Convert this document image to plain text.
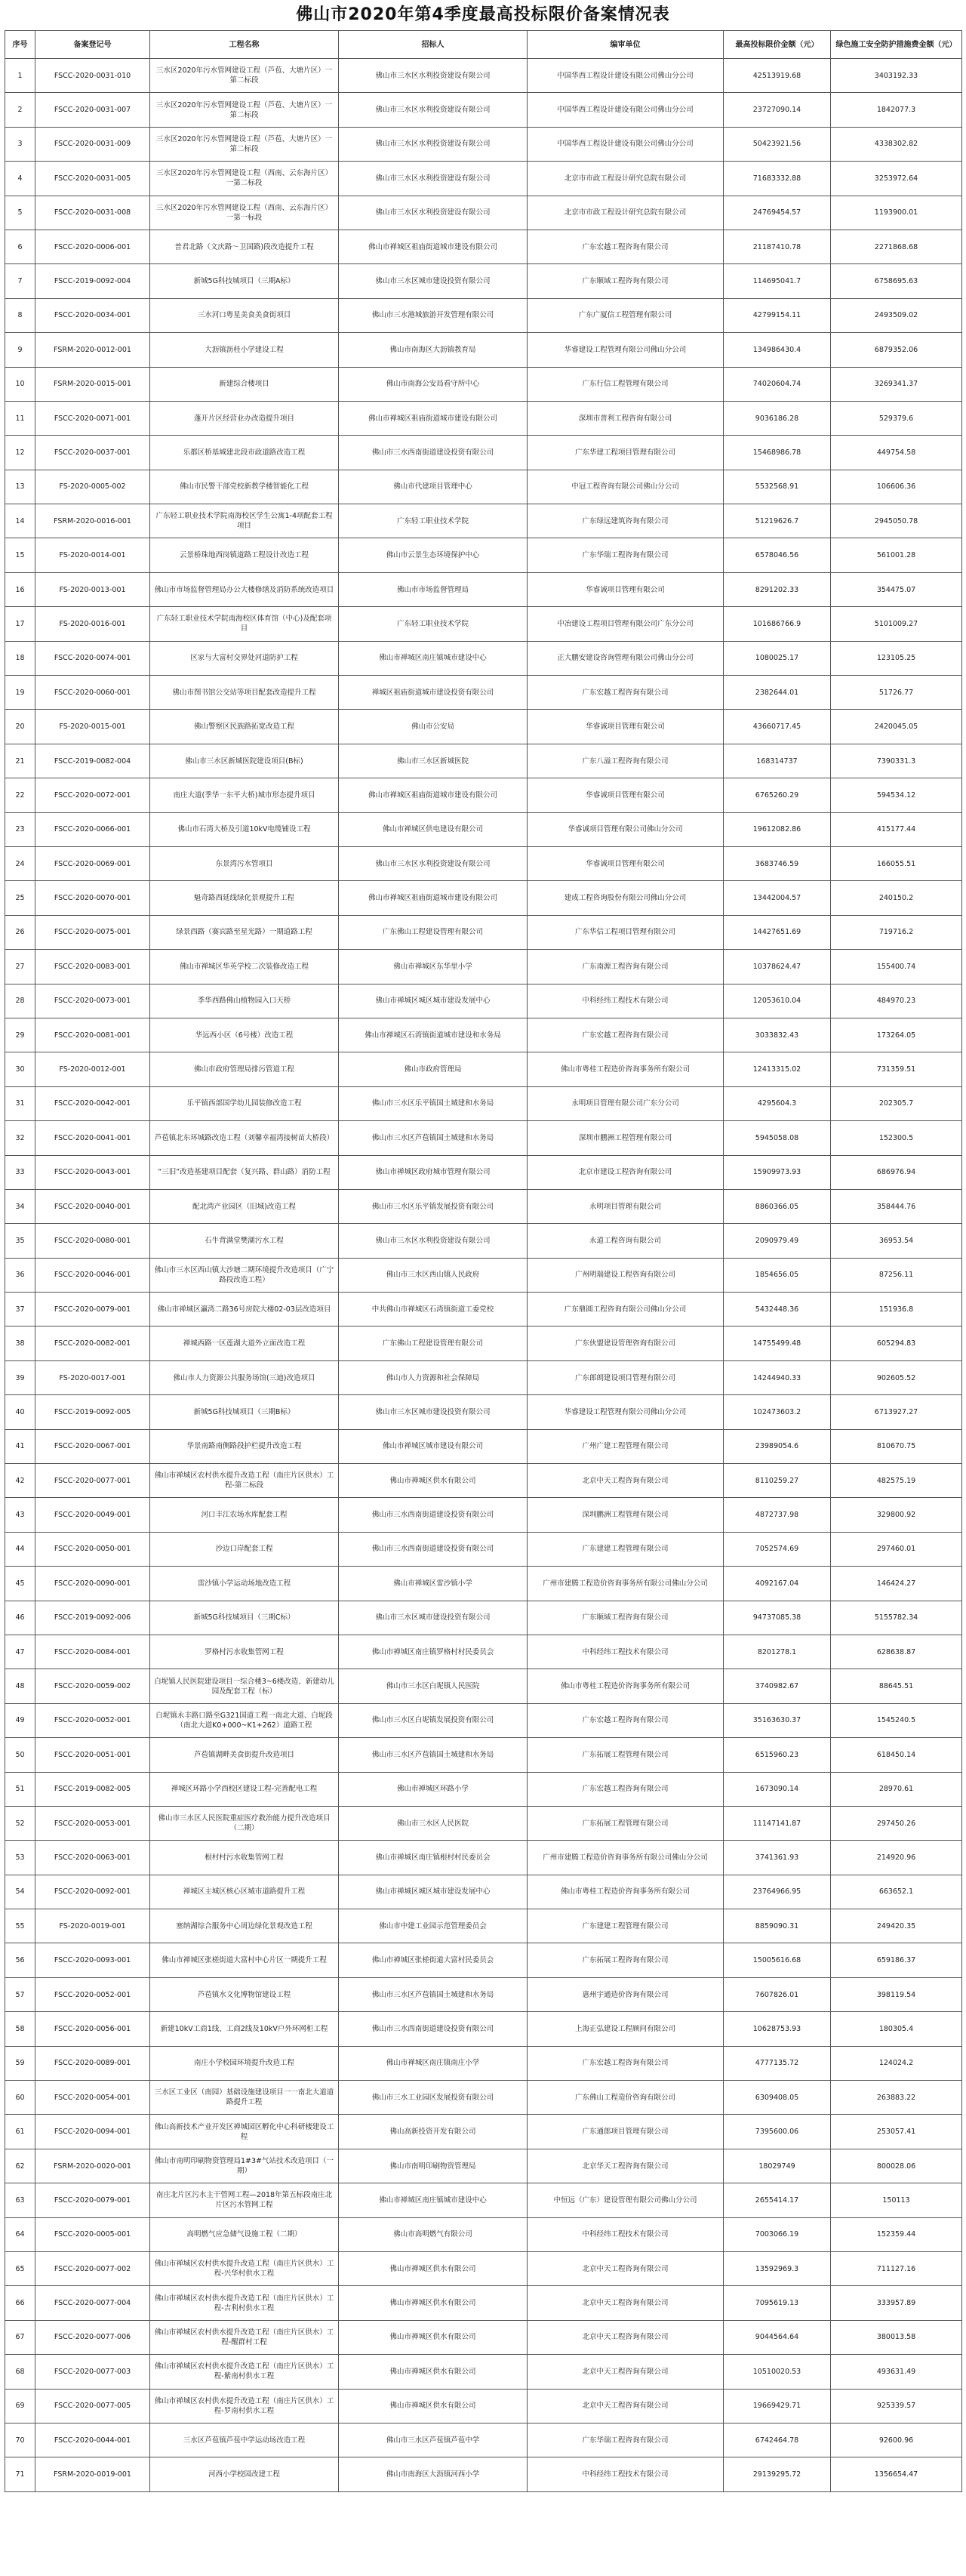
佛山市2020年第4季度最高投标限价备案情况表
序号	备案登记号	工程名称	招标人	编审单位	最高投标限价金额（元）	绿色施工安全防护措施费金额（元）
1	FSCC-2020-0031-010	三水区2020年污水管网建设工程（芦苞、大塘片区）一第二标段	佛山市三水区水利投资建设有限公司	中国华西工程设计建设有限公司佛山分公司	42513919.68	3403192.33
2	FSCC-2020-0031-007	三水区2020年污水管网建设工程（芦苞、大塘片区）一第二标段	佛山市三水区水利投资建设有限公司	中国华西工程设计建设有限公司佛山分公司	23727090.14	1842077.3
3	FSCC-2020-0031-009	三水区2020年污水管网建设工程（芦苞、大塘片区）一第二标段	佛山市三水区水利投资建设有限公司	中国华西工程设计建设有限公司佛山分公司	50423921.56	4338302.82
4	FSCC-2020-0031-005	三水区2020年污水管网建设工程（西南、云东海片区）一第二标段	佛山市三水区水利投资建设有限公司	北京市市政工程设计研究总院有限公司	71683332.88	3253972.64
5	FSCC-2020-0031-008	三水区2020年污水管网建设工程（西南、云东海片区）一第一标段	佛山市三水区水利投资建设有限公司	北京市市政工程设计研究总院有限公司	24769454.57	1193900.01
6	FSCC-2020-0006-001	普君北路（文庆路～卫国路)段改造提升工程	佛山市禅城区祖庙街道城市建设有限公司	广东宏越工程咨询有限公司	21187410.78	2271868.68
7	FSCC-2019-0092-004	新城5G科技城项目（三期A标）	佛山市三水区城市建设投资有限公司	广东顺域工程咨询有限公司	114695041.7	6758695.63
8	FSCC-2020-0034-001	三水河口粤星美食美食街项目	佛山市三水港城旅游开发管理有限公司	广东广厦信工程管理有限公司	42799154.11	2493509.02
9	FSRM-2020-0012-001	大沥镇沥桂小学建设工程	佛山市南海区大沥镇教育局	华睿建设工程管理有限公司佛山分公司	134986430.4	6879352.06
10	FSRM-2020-0015-001	新建综合楼项目	佛山市南海公安局看守所中心	广东行信工程管理有限公司	74020604.74	3269341.37
11	FSCC-2020-0071-001	蓬开片区经营业办改造提升项目	佛山市禅城区祖庙街道城市建设有限公司	深圳市普利工程咨询有限公司	9036186.28	529379.6
12	FSCC-2020-0037-001	乐都区桥基城建北段市政道路改造工程	佛山市三水西南街道建设投资有限公司	广东华建工程项目管理有限公司	15468986.78	449754.58
13	FS-2020-0005-002	佛山市民警干部党校新教学楼智能化工程	佛山市代建项目管理中心	中冠工程咨询有限公司佛山分公司	5532568.91	106606.36
14	FSRM-2020-0016-001	广东轻工职业技术学院南海校区学生公寓1-4项配套工程项目	广东轻工职业技术学院	广东绿远建筑咨询有限公司	51219626.7	2945050.78
15	FS-2020-0014-001	云景桥珠地西岗镇道路工程设计改造工程	佛山市云景生态环境保护中心	广东华瑞工程咨询有限公司	6578046.56	561001.28
16	FS-2020-0013-001	佛山市市场监督管理局办公大楼修缮及消防系统改造项目	佛山市市场监督管理局	华睿诚项目管理有限公司	8291202.33	354475.07
17	FS-2020-0016-001	广东轻工职业技术学院南海校区体育馆（中心)及配套项目	广东轻工职业技术学院	中冶建设工程项目管理有限公司广东分公司	101686766.9	5101009.27
18	FSCC-2020-0074-001	区家与大富村交界处河道防护工程	佛山市禅城区南庄镇城市建设中心	正大鹏安建设咨询管理有限公司佛山分公司	1080025.17	123105.25
19	FSCC-2020-0060-001	佛山市图书馆公交站等项目配套改造提升工程	禅城区祖庙街道城市建设投资有限公司	广东宏越工程咨询有限公司	2382644.01	51726.77
20	FS-2020-0015-001	佛山警察区民族路拓宽改造工程	佛山市公安局	华睿诚项目管理有限公司	43660717.45	2420045.05
21	FSCC-2019-0082-004	佛山市三水区新城医院建设项目(B标)	佛山市三水区新城医院	广东八溢工程咨询有限公司	168314737	7390331.3
22	FSCC-2020-0072-001	南庄大道(季华一东平大桥)城市形态提升项目	佛山市禅城区祖庙街道城市建设有限公司	华睿诚项目管理有限公司	6765260.29	594534.12
23	FSCC-2020-0066-001	佛山市石湾大桥及引道10kV电缆铺设工程	佛山市禅城区供电建设有限公司	华睿诚项目管理有限公司佛山分公司	19612082.86	415177.44
24	FSCC-2020-0069-001	东景湾污水管项目	佛山市三水区水利投资建设有限公司	华睿诚项目管理有限公司	3683746.59	166055.51
25	FSCC-2020-0070-001	魁奇路西延线绿化景观提升工程	佛山市禅城区祖庙街道城市建设有限公司	建成工程咨询股份有限公司佛山分公司	13442004.57	240150.2
26	FSCC-2020-0075-001	绿景西路（赛宾路至星光路）一期道路工程	广东佛山工程建设管理有限公司	广东华信工程项目管理有限公司	14427651.69	719716.2
27	FSCC-2020-0083-001	佛山市禅城区华英学校二次装修改造工程	佛山市禅城区东华里小学	广东南源工程咨询有限公司	10378624.47	155400.74
28	FSCC-2020-0073-001	季华西路佛山植物园入口天桥	佛山市禅城区城区城市建设发展中心	中科经纬工程技术有限公司	12053610.04	484970.23
29	FSCC-2020-0081-001	华远西小区（6号楼）改造工程	佛山市禅城区石湾镇街道城市建设和水务局	广东宏越工程咨询有限公司	3033832.43	173264.05
30	FS-2020-0012-001	佛山市政府管理局排污管道工程	佛山市政府管理局	佛山市粤桂工程造价咨询事务所有限公司	12413315.02	731359.51
31	FSCC-2020-0042-001	乐平镇西部国学幼儿园装修改造工程	佛山市三水区乐平镇国土城建和水务局	永明项目管理有限公司广东分公司	4295604.3	202305.7
32	FSCC-2020-0041-001	芦苞镇北东环城路改造工程（刘馨幸福湾接树苗大桥段）	佛山市三水区芦苞镇国土城建和水务局	深圳市鹏洲工程管理有限公司	5945058.08	152300.5
33	FSCC-2020-0043-001	“三旧”改造基建项目配套（复兴路、群山路）消防工程	佛山市禅城区政府城市管理有限公司	北京市建设工程咨询有限公司	15909973.93	686976.94
34	FSCC-2020-0040-001	配北湾产业园区（旧城)改造工程	佛山市三水区乐平镇发展投资有限公司	永明项目管理有限公司	8860366.05	358444.76
35	FSCC-2020-0080-001	石牛背满堂樊湖污水工程	佛山市三水区水利投资建设有限公司	永道工程咨询有限公司	2090979.49	36953.54
36	FSCC-2020-0046-001	佛山市三水区西山镇大沙塘二期环境提升改造项目（广宁路段改造工程）	佛山市三水区西山镇人民政府	广州明瑞建设工程咨询有限公司	1854656.05	87256.11
37	FSCC-2020-0079-001	佛山市禅城区瀛湾二路36号房院大楼02-03层改造项目	中共佛山市禅城区石湾镇街道工委党校	广东鼎圆工程咨询有限公司佛山分公司	5432448.36	151936.8
38	FSCC-2020-0082-001	禅城西路一区莲湖大道外立面改造工程	广东佛山工程建设管理有限公司	广东伙盟建设管理咨询有限公司	14755499.48	605294.83
39	FS-2020-0017-001	佛山市人力资源公共服务场馆(三迪)改造项目	佛山市人力资源和社会保障局	广东郎朗建设项目管理有限公司	14244940.33	902605.52
40	FSCC-2019-0092-005	新城5G科技城项目（三期B标）	佛山市三水区城市建设投资有限公司	华睿建设工程管理有限公司佛山分公司	102473603.2	6713927.27
41	FSCC-2020-0067-001	华景南路南侧路段护栏提升改造工程	佛山市禅城区城市建设有限公司	广州广建工程管理有限公司	23989054.6	810670.75
42	FSCC-2020-0077-001	佛山市禅城区农村供水提升改造工程（南庄片区供水）工程-第二标段	佛山市禅城区供水有限公司	北京中天工程咨询有限公司	8110259.27	482575.19
43	FSCC-2020-0049-001	河口丰江农场水库配套工程	佛山市三水西南街道建设投资有限公司	深圳鹏洲工程管理有限公司	4872737.98	329800.92
44	FSCC-2020-0050-001	沙边口岸配套工程	佛山市三水西南街道建设投资有限公司	广东建建工程管理有限公司	7052574.69	297460.01
45	FSCC-2020-0090-001	雷沙镇小学运动场地改造工程	佛山市禅城区雷沙镇小学	广州市建腾工程造价咨询事务所有限公司佛山分公司	4092167.04	146424.27
46	FSCC-2019-0092-006	新城5G科技城项目（三期C标）	佛山市三水区城市建设投资有限公司	广东顺域工程咨询有限公司	94737085.38	5155782.34
47	FSCC-2020-0084-001	罗格村污水收集管网工程	佛山市禅城区南庄镇罗格村村民委员会	中科经纬工程技术有限公司	8201278.1	628638.87
48	FSCC-2020-0059-002	白坭镇人民医院建设项目一综合楼3~6楼改造、新建幼儿园及配套工程（标）	佛山市三水区白坭镇人民医院	佛山市粤桂工程造价咨询事务所有限公司	3740982.67	88645.51
49	FSCC-2020-0052-001	白坭镇永丰路口路至G321国道工程一南北大道、白坭段（南北大道K0+000~K1+262）道路工程	佛山市三水区白坭镇发展投资有限公司	广东宏越工程咨询有限公司	35163630.37	1545240.5
50	FSCC-2020-0051-001	芦苞镇湖畔美食街提升改造项目	佛山市三水区芦苞镇国土城建和水务局	广东拓展工程管理有限公司	6515960.23	618450.14
51	FSCC-2019-0082-005	禅城区环路小学西校区建设工程-完善配电工程	佛山市禅城区环路小学	广东宏越工程咨询有限公司	1673090.14	28970.61
52	FSCC-2020-0053-001	佛山市三水区人民医院重症医疗救治能力提升改造项目（二期）	佛山市三水区人民医院	广东拓展工程管理有限公司	11147141.87	297450.26
53	FSCC-2020-0063-001	根村村污水收集管网工程	佛山市禅城区南庄镇根村村民委员会	广州市建腾工程造价咨询事务所有限公司佛山分公司	3741361.93	214920.96
54	FSCC-2020-0092-001	禅城区主城区核心区城市道路提升工程	佛山市禅城区城区城市建设发展中心	佛山市粤桂工程造价咨询事务所有限公司	23764966.95	663652.1
55	FS-2020-0019-001	塞纳湖综合服务中心周边绿化景观改造工程	佛山市中建工业园示范管理委员会	广东建建工程管理有限公司	8859090.31	249420.35
56	FSCC-2020-0093-001	佛山市禅城区张槎街道大富村中心片区一期提升工程	佛山市禅城区张槎街道大富村民委员会	广东拓展工程咨询有限公司	15005616.68	659186.37
57	FSCC-2020-0052-001	芦苞镇水文化博物馆建设工程	佛山市三水区芦苞镇国土城建和水务局	惠州宇通造价咨询有限公司	7607826.01	398119.54
58	FSCC-2020-0056-001	新建10kV工商1线、工商2线及10kV户外环网柜工程	佛山市三水西南街道建设投资有限公司	上海正弘建设工程顾问有限公司	10628753.93	180305.4
59	FSCC-2020-0089-001	南庄小学校园环境提升改造工程	佛山市禅城区南庄镇南庄小学	广东宏越工程咨询有限公司	4777135.72	124024.2
60	FSCC-2020-0054-001	三水区工业区（南园）基础设施建设项目一一南北大道道路提升工程	佛山市三水工业园区发展投资有限公司	广东佛山工程造价咨询有限公司	6309408.05	263883.22
61	FSCC-2020-0094-001	佛山高新技术产业开发区禅城园区孵化中心科研楼建设工程	佛山高新投资开发有限公司	广东通郎项目管理有限公司	7395600.06	253057.41
62	FSRM-2020-0020-001	佛山市南明印刷物资管理局1#3#气站技术改造项目（一期）	佛山市南明印刷物资管理局	北京华天工程咨询有限公司	18029749	800028.06
63	FSCC-2020-0079-001	南庄北片区污水主干管网工程—2018年第五标段南庄北片区污水管网工程	佛山市禅城区南庄镇城市建设中心	中恒远（广东）建设管理有限公司佛山分公司	2655414.17	150113
64	FSCC-2020-0005-001	高明燃气应急储气设施工程（二期）	佛山市高明燃气有限公司	中科经纬工程技术有限公司	7003066.19	152359.44
65	FSCC-2020-0077-002	佛山市禅城区农村供水提升改造工程（南庄片区供水）工程-兴华村供水工程	佛山市禅城区供水有限公司	北京中天工程咨询有限公司	13592969.3	711127.16
66	FSCC-2020-0077-004	佛山市禅城区农村供水提升改造工程（南庄片区供水）工程-吉利村供水工程	佛山市禅城区供水有限公司	北京中天工程咨询有限公司	7095619.13	333957.89
67	FSCC-2020-0077-006	佛山市禅城区农村供水提升改造工程（南庄片区供水）工程-醒群村工程	佛山市禅城区供水有限公司	北京中天工程咨询有限公司	9044564.64	380013.58
68	FSCC-2020-0077-003	佛山市禅城区农村供水提升改造工程（南庄片区供水）工程-紫南村供水工程	佛山市禅城区供水有限公司	北京中天工程咨询有限公司	10510020.53	493631.49
69	FSCC-2020-0077-005	佛山市禅城区农村供水提升改造工程（南庄片区供水）工程-罗南村供水工程	佛山市禅城区供水有限公司	北京中天工程咨询有限公司	19669429.71	925339.57
70	FSCC-2020-0044-001	三水区芦苞镇芦苞中学运动场改造工程	佛山市三水区芦苞镇芦苞中学	广东华瑞工程咨询有限公司	6742464.78	92600.96
71	FSRM-2020-0019-001	河西小学校园改建工程	佛山市南海区大沥镇河西小学	中科经纬工程技术有限公司	29139295.72	1356654.47
